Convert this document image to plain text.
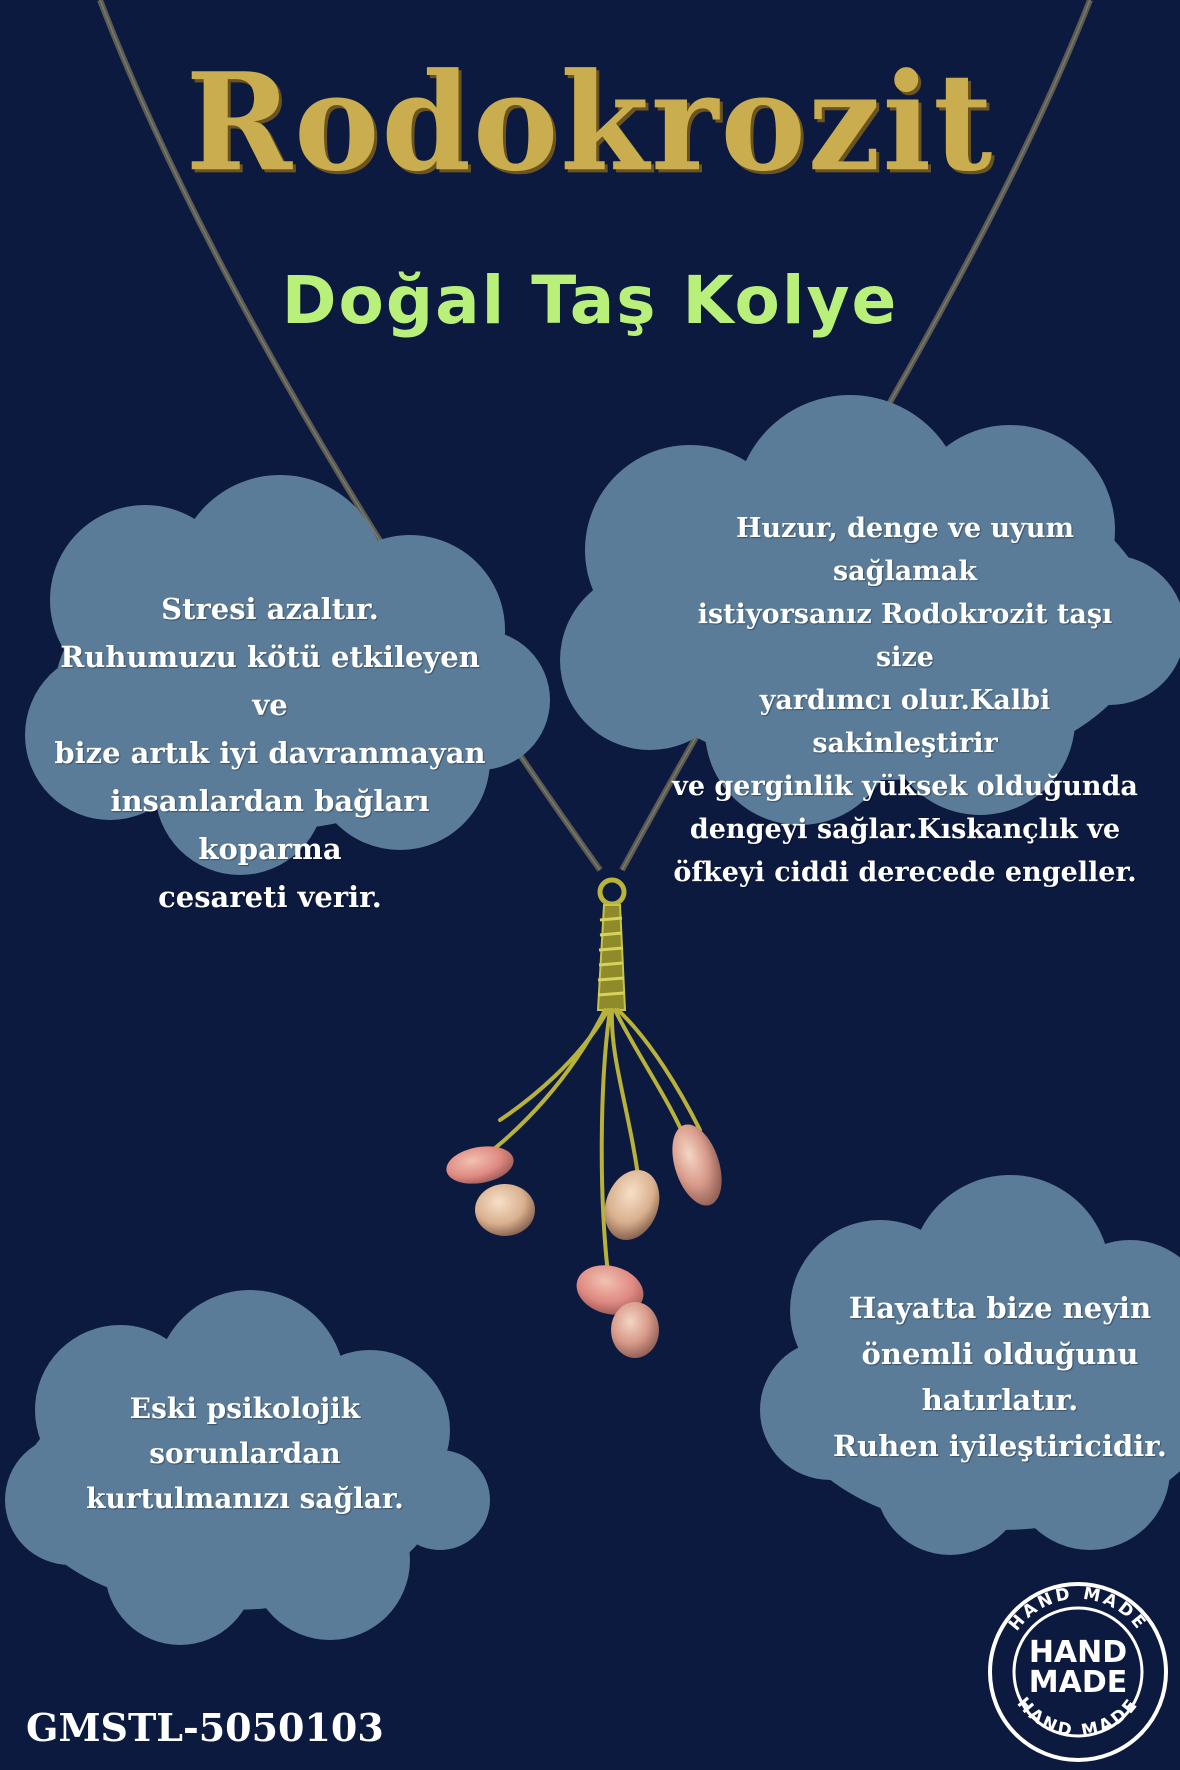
HAND MADE
HAND MADE
HAND
MADE
Rodokrozit
Doğal Taş Kolye
Stresi azaltır.
Ruhumuzu kötü etkileyen ve
bize artık iyi davranmayan
insanlardan bağları koparma
cesareti verir.
Huzur, denge ve uyum sağlamak
istiyorsanız Rodokrozit taşı size
yardımcı olur.Kalbi sakinleştirir
ve gerginlik yüksek olduğunda
dengeyi sağlar.Kıskançlık ve
öfkeyi ciddi derecede engeller.
Eski psikolojik
sorunlardan
kurtulmanızı sağlar.
Hayatta bize neyin
önemli olduğunu
hatırlatır.
Ruhen iyileştiricidir.
GMSTL-5050103
